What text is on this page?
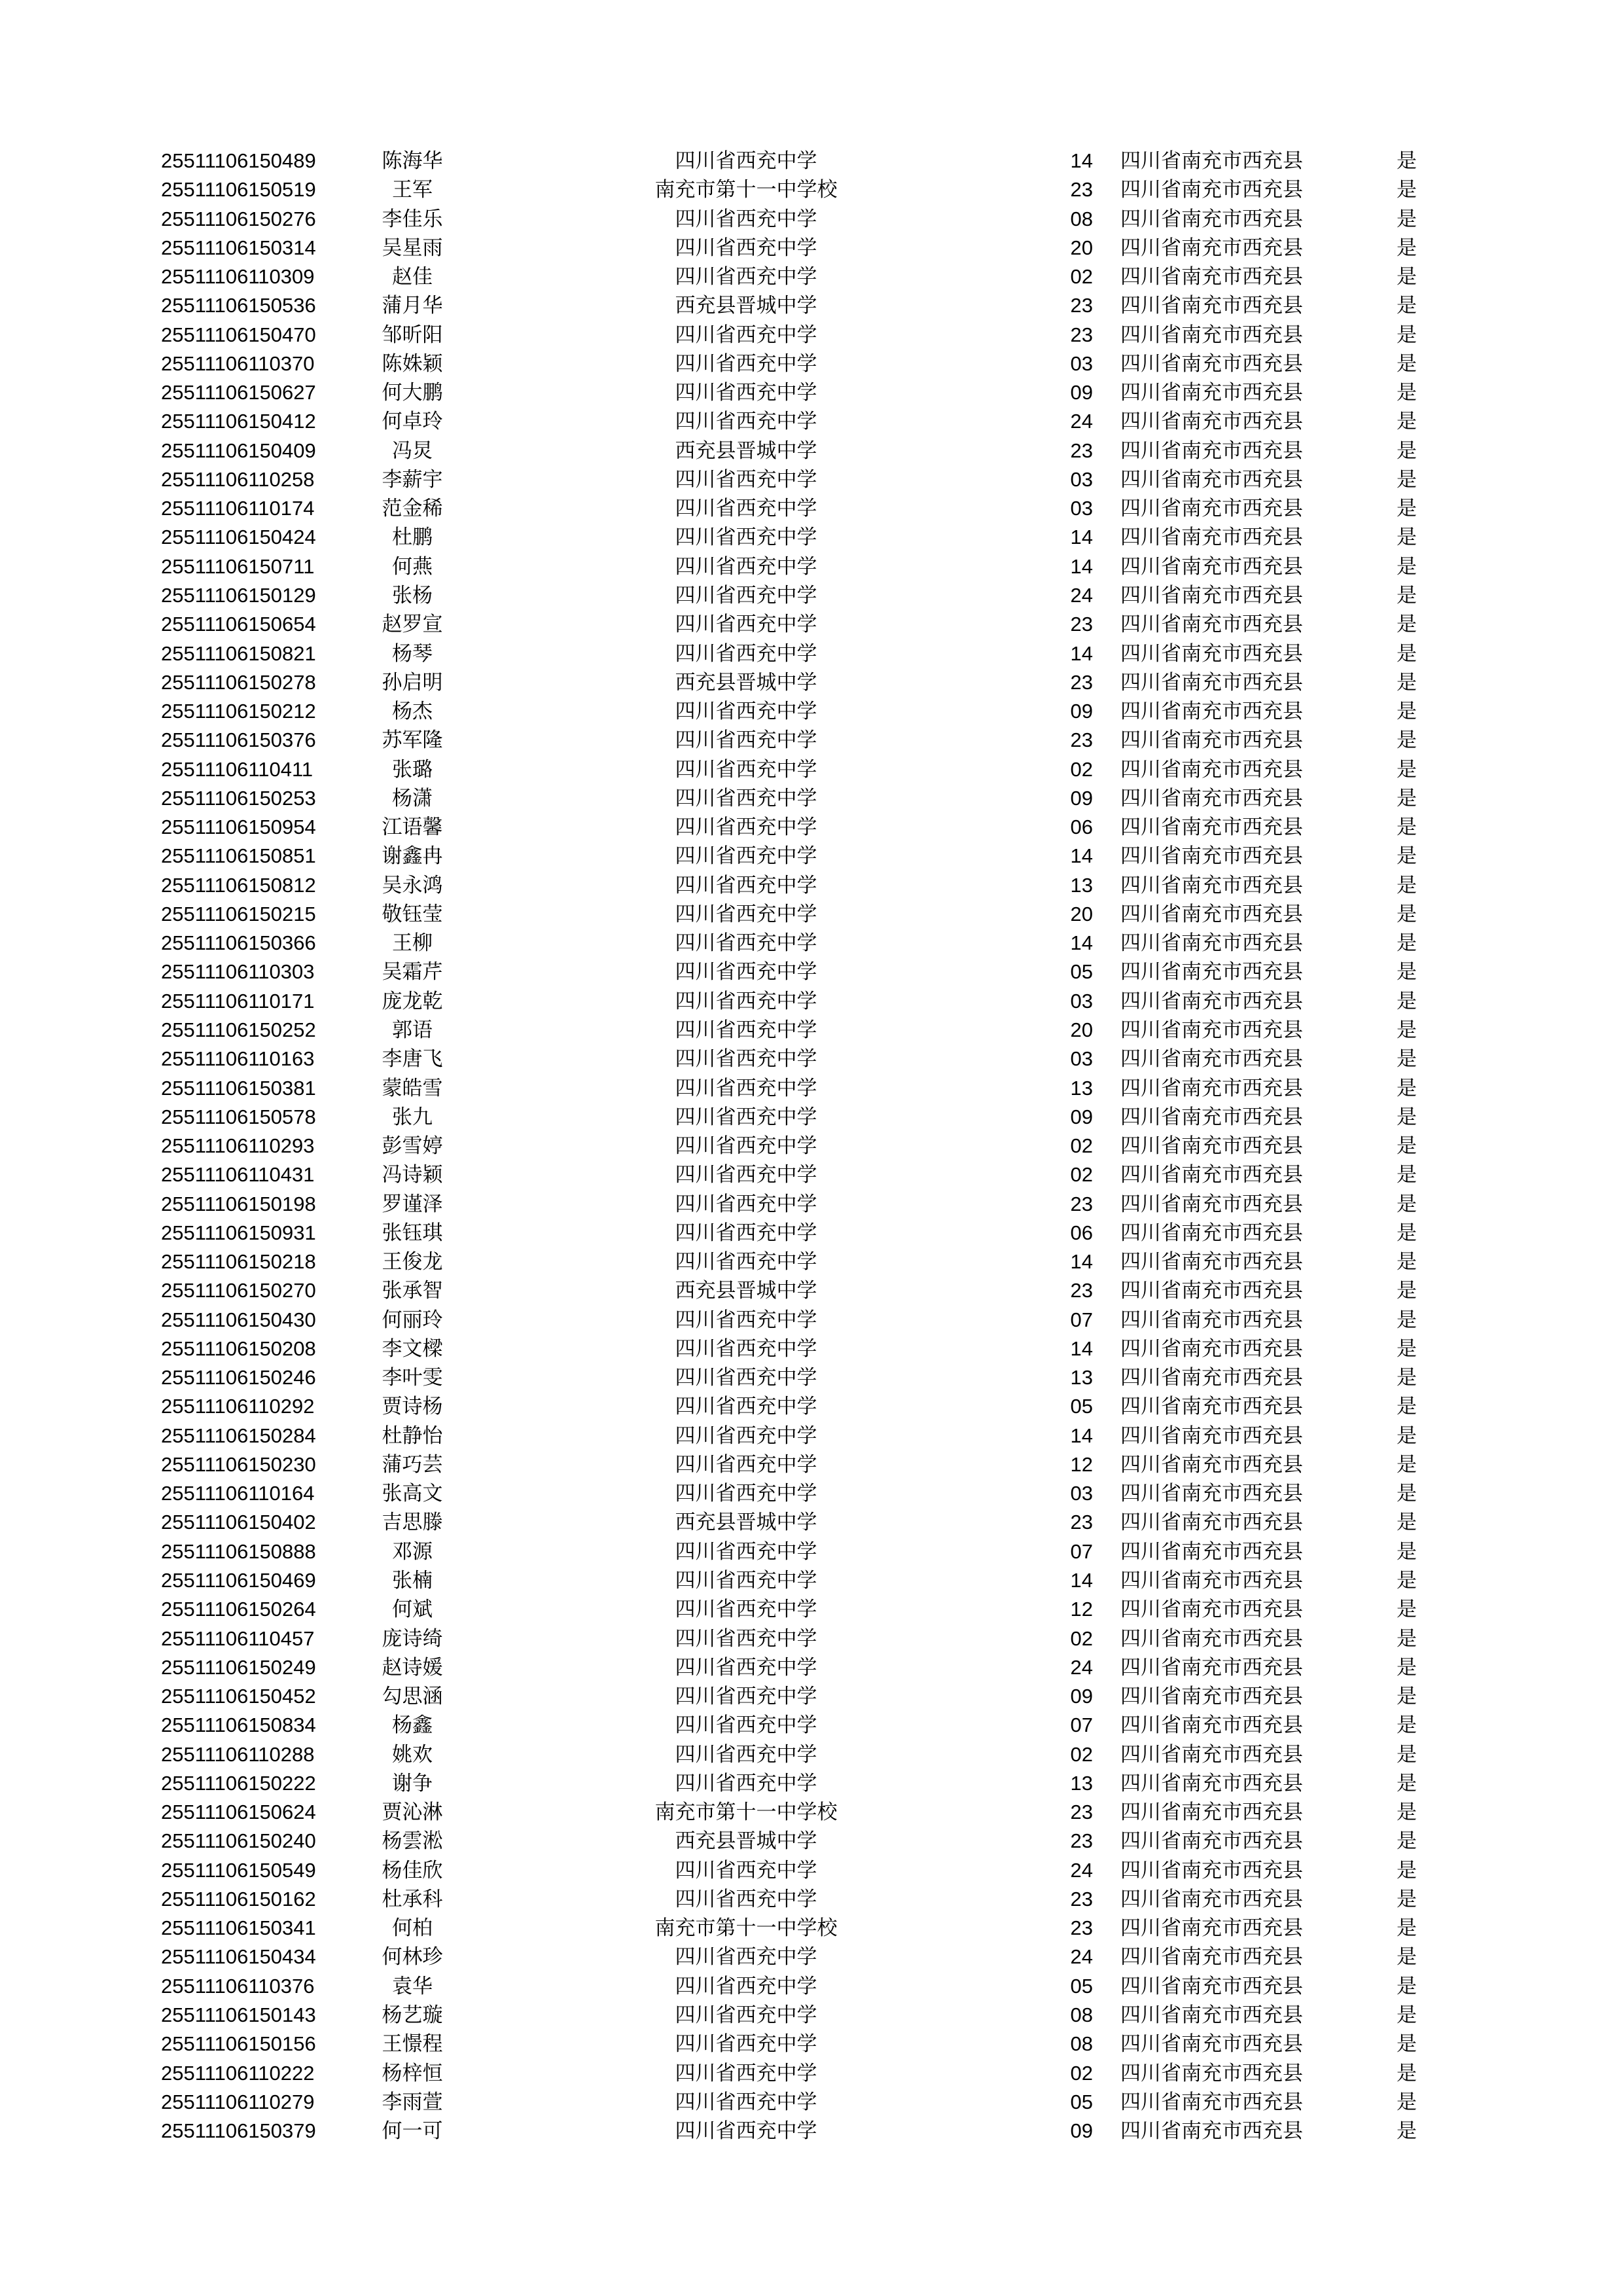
25511106150489	陈海华	四川省西充中学	14 四川省南充市西充县	是
25511106150519	王军	南充市第十一中学校	23 四川省南充市西充县	是
25511106150276	李佳乐	四川省西充中学	08 四川省南充市西充县	是
25511106150314	吴星雨	四川省西充中学	20 四川省南充市西充县	是
25511106110309	赵佳	四川省西充中学	02 四川省南充市西充县	是
25511106150536	蒲月华	西充县晋城中学	23 四川省南充市西充县	是
25511106150470	邹昕阳	四川省西充中学	23 四川省南充市西充县	是
25511106110370	陈姝颖	四川省西充中学	03 四川省南充市西充县	是
25511106150627	何大鹏	四川省西充中学	09 四川省南充市西充县	是
25511106150412	何卓玲	四川省西充中学	24 四川省南充市西充县	是
25511106150409	冯炅	西充县晋城中学	23 四川省南充市西充县	是
25511106110258	李薪宇	四川省西充中学	03 四川省南充市西充县	是
25511106110174	范金稀	四川省西充中学	03 四川省南充市西充县	是
25511106150424	杜鹏	四川省西充中学	14 四川省南充市西充县	是
25511106150711	何燕	四川省西充中学	14 四川省南充市西充县	是
25511106150129	张杨	四川省西充中学	24 四川省南充市西充县	是
25511106150654	赵罗宣	四川省西充中学	23 四川省南充市西充县	是
25511106150821	杨琴	四川省西充中学	14 四川省南充市西充县	是
25511106150278	孙启明	西充县晋城中学	23 四川省南充市西充县	是
25511106150212	杨杰	四川省西充中学	09 四川省南充市西充县	是
25511106150376	苏军隆	四川省西充中学	23 四川省南充市西充县	是
25511106110411	张璐	四川省西充中学	02 四川省南充市西充县	是
25511106150253	杨潇	四川省西充中学	09 四川省南充市西充县	是
25511106150954	江语馨	四川省西充中学	06 四川省南充市西充县	是
25511106150851	谢鑫冉	四川省西充中学	14 四川省南充市西充县	是
25511106150812	吴永鸿	四川省西充中学	13 四川省南充市西充县	是
25511106150215	敬钰莹	四川省西充中学	20 四川省南充市西充县	是
25511106150366	王柳	四川省西充中学	14 四川省南充市西充县	是
25511106110303	吴霜芹	四川省西充中学	05 四川省南充市西充县	是
25511106110171	庞龙乾	四川省西充中学	03 四川省南充市西充县	是
25511106150252	郭语	四川省西充中学	20 四川省南充市西充县	是
25511106110163	李唐飞	四川省西充中学	03 四川省南充市西充县	是
25511106150381	蒙皓雪	四川省西充中学	13 四川省南充市西充县	是
25511106150578	张九	四川省西充中学	09 四川省南充市西充县	是
25511106110293	彭雪婷	四川省西充中学	02 四川省南充市西充县	是
25511106110431	冯诗颖	四川省西充中学	02 四川省南充市西充县	是
25511106150198	罗谨泽	四川省西充中学	23 四川省南充市西充县	是
25511106150931	张钰琪	四川省西充中学	06 四川省南充市西充县	是
25511106150218	王俊龙	四川省西充中学	14 四川省南充市西充县	是
25511106150270	张承智	西充县晋城中学	23 四川省南充市西充县	是
25511106150430	何丽玲	四川省西充中学	07 四川省南充市西充县	是
25511106150208	李文樑	四川省西充中学	14 四川省南充市西充县	是
25511106150246	李叶雯	四川省西充中学	13 四川省南充市西充县	是
25511106110292	贾诗杨	四川省西充中学	05 四川省南充市西充县	是
25511106150284	杜静怡	四川省西充中学	14 四川省南充市西充县	是
25511106150230	蒲巧芸	四川省西充中学	12 四川省南充市西充县	是
25511106110164	张高文	四川省西充中学	03 四川省南充市西充县	是
25511106150402	吉思滕	西充县晋城中学	23 四川省南充市西充县	是
25511106150888	邓源	四川省西充中学	07 四川省南充市西充县	是
25511106150469	张楠	四川省西充中学	14 四川省南充市西充县	是
25511106150264	何斌	四川省西充中学	12 四川省南充市西充县	是
25511106110457	庞诗绮	四川省西充中学	02 四川省南充市西充县	是
25511106150249	赵诗媛	四川省西充中学	24 四川省南充市西充县	是
25511106150452	勾思涵	四川省西充中学	09 四川省南充市西充县	是
25511106150834	杨鑫	四川省西充中学	07 四川省南充市西充县	是
25511106110288	姚欢	四川省西充中学	02 四川省南充市西充县	是
25511106150222	谢争	四川省西充中学	13 四川省南充市西充县	是
25511106150624	贾沁淋	南充市第十一中学校	23 四川省南充市西充县	是
25511106150240	杨雲淞	西充县晋城中学	23 四川省南充市西充县	是
25511106150549	杨佳欣	四川省西充中学	24 四川省南充市西充县	是
25511106150162	杜承科	四川省西充中学	23 四川省南充市西充县	是
25511106150341	何柏	南充市第十一中学校	23 四川省南充市西充县	是
25511106150434	何林珍	四川省西充中学	24 四川省南充市西充县	是
25511106110376	袁华	四川省西充中学	05 四川省南充市西充县	是
25511106150143	杨艺璇	四川省西充中学	08 四川省南充市西充县	是
25511106150156	王憬程	四川省西充中学	08 四川省南充市西充县	是
25511106110222	杨梓恒	四川省西充中学	02 四川省南充市西充县	是
25511106110279	李雨萱	四川省西充中学	05 四川省南充市西充县	是
25511106150379	何一可	四川省西充中学	09 四川省南充市西充县	是
